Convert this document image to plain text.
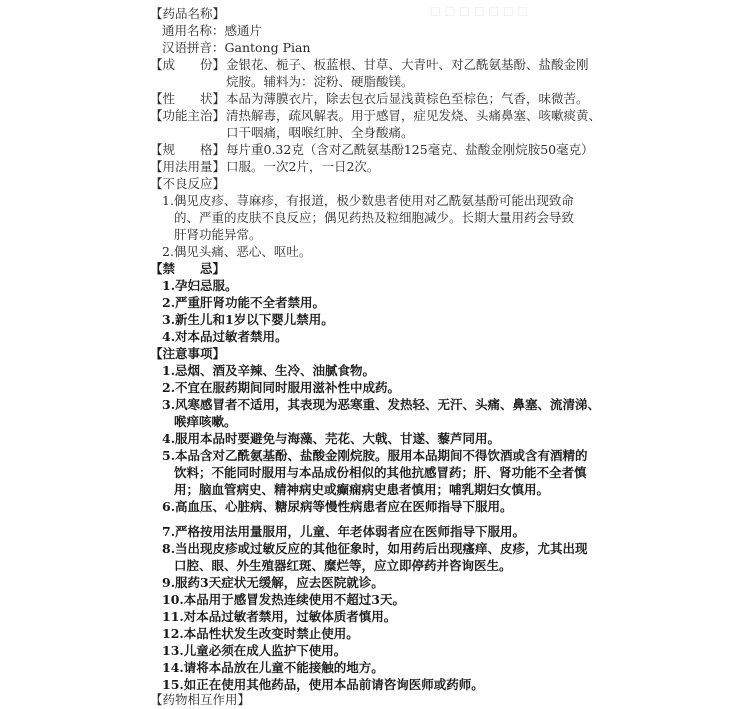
☐ ☐ ☐ ☐ ☐ ☐ ☐
【药品名称】
通用名称：感通片
汉语拼音：Gantong Pian
【成　　份】 金银花、栀子、板蓝根、甘草、大青叶、对乙酰氨基酚、盐酸金刚
烷胺。辅料为：淀粉、硬脂酸镁。
【性　　状】 本品为薄膜衣片，除去包衣后显浅黄棕色至棕色；气香，味微苦。
【功能主治】 清热解毒，疏风解表。用于感冒，症见发烧、头痛鼻塞、咳嗽痰黄、
口干咽痛，咽喉红肿、全身酸痛。
【规　　格】 每片重0.32克（含对乙酰氨基酚125毫克、盐酸金刚烷胺50毫克）
【用法用量】 口服。一次2片，一日2次。
【不良反应】
1.偶见皮疹、荨麻疹，有报道，极少数患者使用对乙酰氨基酚可能出现致命
的、严重的皮肤不良反应；偶见药热及粒细胞减少。长期大量用药会导致
肝肾功能异常。
2.偶见头痛、恶心、呕吐。
【禁　　忌】
1.孕妇忌服。
2.严重肝肾功能不全者禁用。
3.新生儿和1岁以下婴儿禁用。
4.对本品过敏者禁用。
【注意事项】
1.忌烟、酒及辛辣、生冷、油腻食物。
2.不宜在服药期间同时服用滋补性中成药。
3.风寒感冒者不适用，其表现为恶寒重、发热轻、无汗、头痛、鼻塞、流清涕、
喉痒咳嗽。
4.服用本品时要避免与海藻、芫花、大戟、甘遂、藜芦同用。
5.本品含对乙酰氨基酚、盐酸金刚烷胺。服用本品期间不得饮酒或含有酒精的
饮料；不能同时服用与本品成份相似的其他抗感冒药；肝、肾功能不全者慎
用；脑血管病史、精神病史或癫痫病史患者慎用；哺乳期妇女慎用。
6.高血压、心脏病、糖尿病等慢性病患者应在医师指导下服用。
7.严格按用法用量服用，儿童、年老体弱者应在医师指导下服用。
8.当出现皮疹或过敏反应的其他征象时，如用药后出现瘙痒、皮疹，尤其出现
口腔、眼、外生殖器红斑、糜烂等，应立即停药并咨询医生。
9.服药3天症状无缓解，应去医院就诊。
10.本品用于感冒发热连续使用不超过3天。
11.对本品过敏者禁用，过敏体质者慎用。
12.本品性状发生改变时禁止使用。
13.儿童必须在成人监护下使用。
14.请将本品放在儿童不能接触的地方。
15.如正在使用其他药品，使用本品前请咨询医师或药师。
【药物相互作用】
